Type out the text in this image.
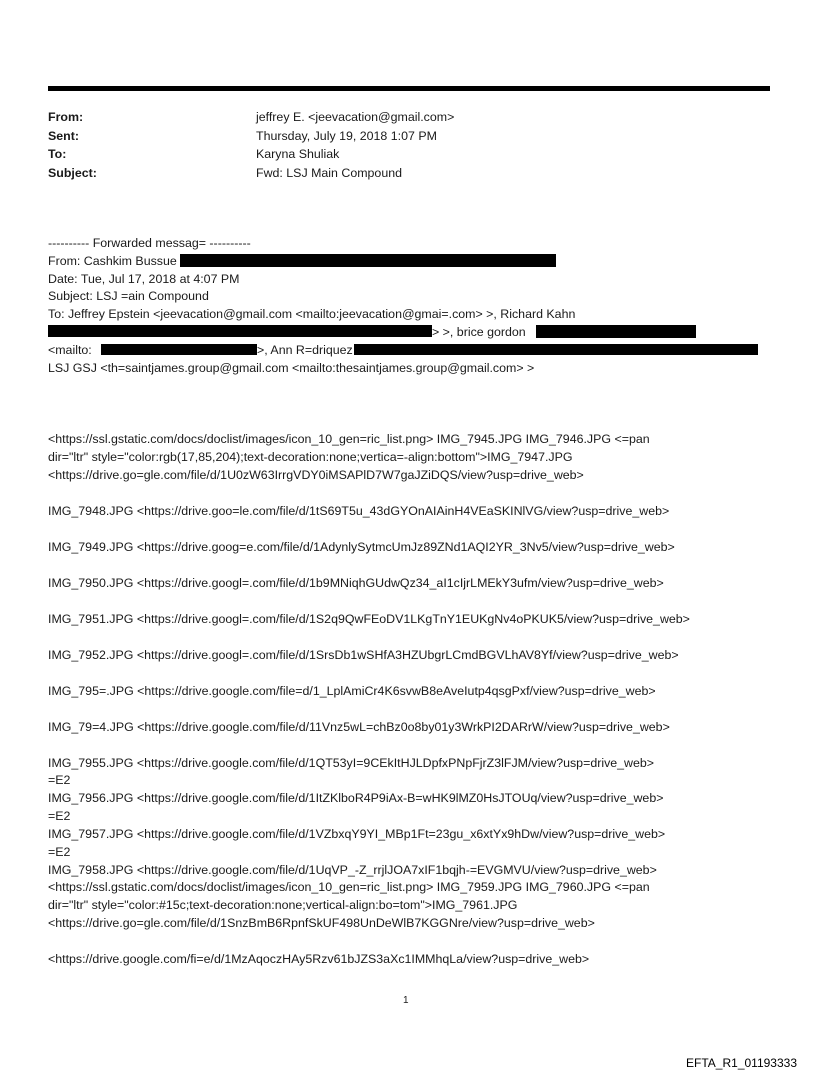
From:	jeffrey E. <jeevacation@gmail.com>
Sent:	Thursday, July 19, 2018 1:07 PM
To:	Karyna Shuliak
Subject:	Fwd: LSJ Main Compound
---------- Forwarded messag= ----------
From: Cashkim Bussue
Date: Tue, Jul 17, 2018 at 4:07 PM
Subject: LSJ =ain Compound
To: Jeffrey Epstein <jeevacation@gmail.com <mailto:jeevacation@gmai=.com> >, Richard Kahn
> >, brice gordon
<mailto:	>, Ann R=driquez
LSJ GSJ <th=saintjames.group@gmail.com <mailto:thesaintjames.group@gmail.com> >
<https://ssl.gstatic.com/docs/doclist/images/icon_10_gen=ric_list.png> IMG_7945.JPG IMG_7946.JPG <=pan
dir="ltr" style="color:rgb(17,85,204);text-decoration:none;vertica=-align:bottom">IMG_7947.JPG
<https://drive.go=gle.com/file/d/1U0zW63IrrgVDY0iMSAPlD7W7gaJZiDQS/view?usp=drive_web>
IMG_7948.JPG <https://drive.goo=le.com/file/d/1tS69T5u_43dGYOnAIAinH4VEaSKINlVG/view?usp=drive_web>
IMG_7949.JPG <https://drive.goog=e.com/file/d/1AdynlySytmcUmJz89ZNd1AQI2YR_3Nv5/view?usp=drive_web>
IMG_7950.JPG <https://drive.googl=.com/file/d/1b9MNiqhGUdwQz34_aI1cIjrLMEkY3ufm/view?usp=drive_web>
IMG_7951.JPG <https://drive.googl=.com/file/d/1S2q9QwFEoDV1LKgTnY1EUKgNv4oPKUK5/view?usp=drive_web>
IMG_7952.JPG <https://drive.googl=.com/file/d/1SrsDb1wSHfA3HZUbgrLCmdBGVLhAV8Yf/view?usp=drive_web>
IMG_795=.JPG <https://drive.google.com/file=d/1_LplAmiCr4K6svwB8eAveIutp4qsgPxf/view?usp=drive_web>
IMG_79=4.JPG <https://drive.google.com/file/d/11Vnz5wL=chBz0o8by01y3WrkPI2DARrW/view?usp=drive_web>
IMG_7955.JPG <https://drive.google.com/file/d/1QT53yI=9CEkItHJLDpfxPNpFjrZ3lFJM/view?usp=drive_web>
=E2
IMG_7956.JPG <https://drive.google.com/file/d/1ItZKlboR4P9iAx-B=wHK9lMZ0HsJTOUq/view?usp=drive_web>
=E2
IMG_7957.JPG <https://drive.google.com/file/d/1VZbxqY9YI_MBp1Ft=23gu_x6xtYx9hDw/view?usp=drive_web>
=E2
IMG_7958.JPG <https://drive.google.com/file/d/1UqVP_-Z_rrjlJOA7xIF1bqjh-=EVGMVU/view?usp=drive_web>
<https://ssl.gstatic.com/docs/doclist/images/icon_10_gen=ric_list.png> IMG_7959.JPG IMG_7960.JPG <=pan
dir="ltr" style="color:#15c;text-decoration:none;vertical-align:bo=tom">IMG_7961.JPG
<https://drive.go=gle.com/file/d/1SnzBmB6RpnfSkUF498UnDeWlB7KGGNre/view?usp=drive_web>
<https://drive.google.com/fi=e/d/1MzAqoczHAy5Rzv61bJZS3aXc1IMMhqLa/view?usp=drive_web>
1
EFTA_R1_01193333
